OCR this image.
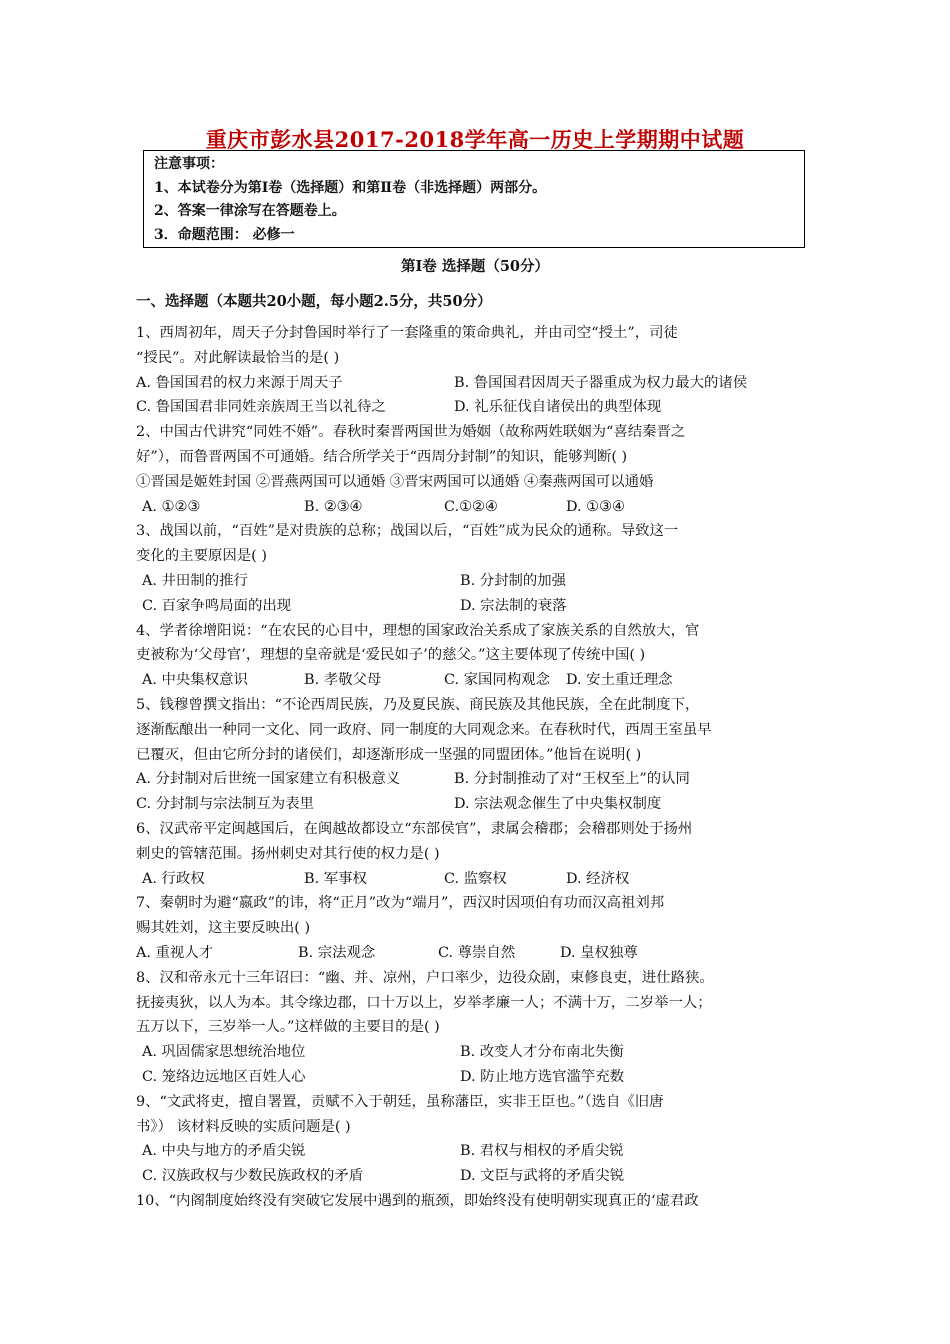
重庆市彭水县2017-2018学年高一历史上学期期中试题
注意事项：
1、本试卷分为第Ⅰ卷（选择题）和第Ⅱ卷（非选择题）两部分。
2、答案一律涂写在答题卷上。
3．命题范围： 必修一
第Ⅰ卷 选择题（50分）
一、选择题（本题共20小题，每小题2.5分，共50分）
1、西周初年，周天子分封鲁国时举行了一套隆重的策命典礼，并由司空“授土”，司徒
“授民”。对此解读最恰当的是( )
A. 鲁国国君的权力来源于周天子	B. 鲁国国君因周天子器重成为权力最大的诸侯
C. 鲁国国君非同姓亲族周王当以礼待之	D. 礼乐征伐自诸侯出的典型体现
2、中国古代讲究“同姓不婚”。春秋时秦晋两国世为婚姻（故称两姓联姻为“喜结秦晋之
好”），而鲁晋两国不可通婚。结合所学关于“西周分封制”的知识，能够判断( )
①晋国是姬姓封国 ②晋燕两国可以通婚 ③晋宋两国可以通婚 ④秦燕两国可以通婚
A. ①②③	B. ②③④	C.①②④	D. ①③④
3、战国以前，“百姓”是对贵族的总称；战国以后，“百姓”成为民众的通称。导致这一
变化的主要原因是( )
A. 井田制的推行	B. 分封制的加强
C. 百家争鸣局面的出现	D. 宗法制的衰落
4、学者徐增阳说：“在农民的心目中，理想的国家政治关系成了家族关系的自然放大，官
吏被称为‘父母官’，理想的皇帝就是‘爱民如子’的慈父。”这主要体现了传统中国( )
A. 中央集权意识	B. 孝敬父母	C. 家国同构观念 D. 安土重迁理念
5、钱穆曾撰文指出：“不论西周民族，乃及夏民族、商民族及其他民族，全在此制度下，
逐渐酝酿出一种同一文化、同一政府、同一制度的大同观念来。在春秋时代，西周王室虽早
已覆灭，但由它所分封的诸侯们，却逐渐形成一坚强的同盟团体。”他旨在说明( )
A. 分封制对后世统一国家建立有积极意义	B. 分封制推动了对“王权至上”的认同
C. 分封制与宗法制互为表里	D. 宗法观念催生了中央集权制度
6、汉武帝平定闽越国后，在闽越故都设立“东部侯官”，隶属会稽郡；会稽郡则处于扬州
刺史的管辖范围。扬州刺史对其行使的权力是( )
A. 行政权	B. 军事权	C. 监察权	D. 经济权
7、秦朝时为避“嬴政”的讳，将“正月”改为“端月”，西汉时因项伯有功而汉高祖刘邦
赐其姓刘，这主要反映出( )
A. 重视人才	B. 宗法观念	C. 尊崇自然	D. 皇权独尊
8、汉和帝永元十三年诏曰：“幽、并、凉州，户口率少，边役众剧，束修良吏，进仕路狭。
抚接夷狄，以人为本。其令缘边郡，口十万以上，岁举孝廉一人；不满十万，二岁举一人；
五万以下，三岁举一人。”这样做的主要目的是( )
A. 巩固儒家思想统治地位	B. 改变人才分布南北失衡
C. 笼络边远地区百姓人心	D. 防止地方选官滥竽充数
9、“文武将吏，擅自署置，贡赋不入于朝廷，虽称藩臣，实非王臣也。”（选自《旧唐
书》） 该材料反映的实质问题是( )
A. 中央与地方的矛盾尖锐	B. 君权与相权的矛盾尖锐
C. 汉族政权与少数民族政权的矛盾	D. 文臣与武将的矛盾尖锐
10、“内阁制度始终没有突破它发展中遇到的瓶颈，即始终没有使明朝实现真正的‘虚君政
